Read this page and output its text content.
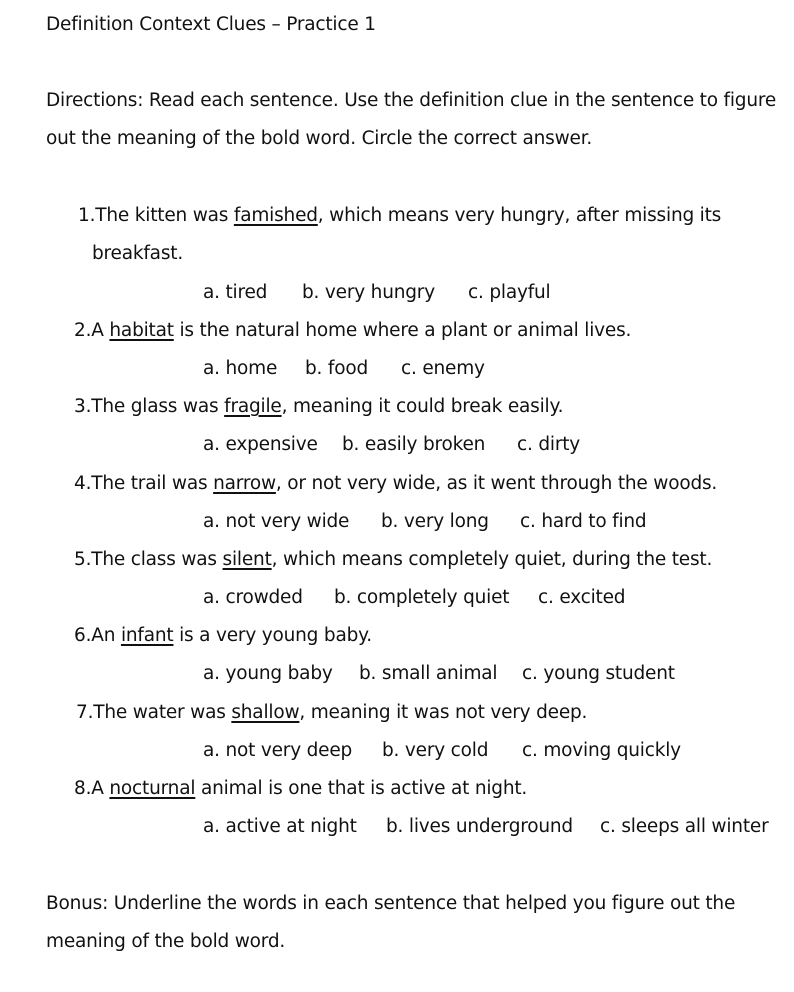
Definition Context Clues – Practice 1
Directions: Read each sentence. Use the definition clue in the sentence to figure
out the meaning of the bold word. Circle the correct answer.
1.The kitten was famished, which means very hungry, after missing its
breakfast.
a. tired b. very hungry c. playful
2.A habitat is the natural home where a plant or animal lives.
a. home b. food c. enemy
3.The glass was fragile, meaning it could break easily.
a. expensive b. easily broken c. dirty
4.The trail was narrow, or not very wide, as it went through the woods.
a. not very wide b. very long c. hard to find
5.The class was silent, which means completely quiet, during the test.
a. crowded b. completely quiet c. excited
6.An infant is a very young baby.
a. young baby b. small animal c. young student
7.The water was shallow, meaning it was not very deep.
a. not very deep b. very cold c. moving quickly
8.A nocturnal animal is one that is active at night.
a. active at night b. lives underground c. sleeps all winter
Bonus: Underline the words in each sentence that helped you figure out the
meaning of the bold word.
